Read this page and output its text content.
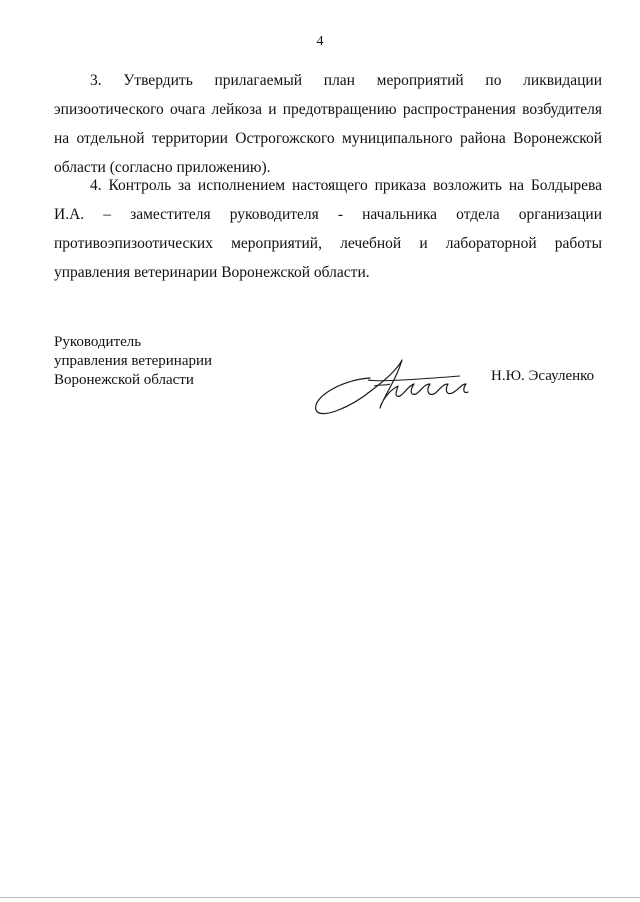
4

3. Утвердить прилагаемый план мероприятий по ликвидации эпизоотического очага лейкоза и предотвращению распространения возбудителя на отдельной территории Острогожского муниципального района Воронежской области (согласно приложению).

4. Контроль за исполнением настоящего приказа возложить на Болдырева И.А. – заместителя руководителя - начальника отдела организации противоэпизоотических мероприятий, лечебной и лабораторной работы управления ветеринарии Воронежской области.

Руководитель
управления ветеринарии
Воронежской области	Н.Ю. Эсауленко
